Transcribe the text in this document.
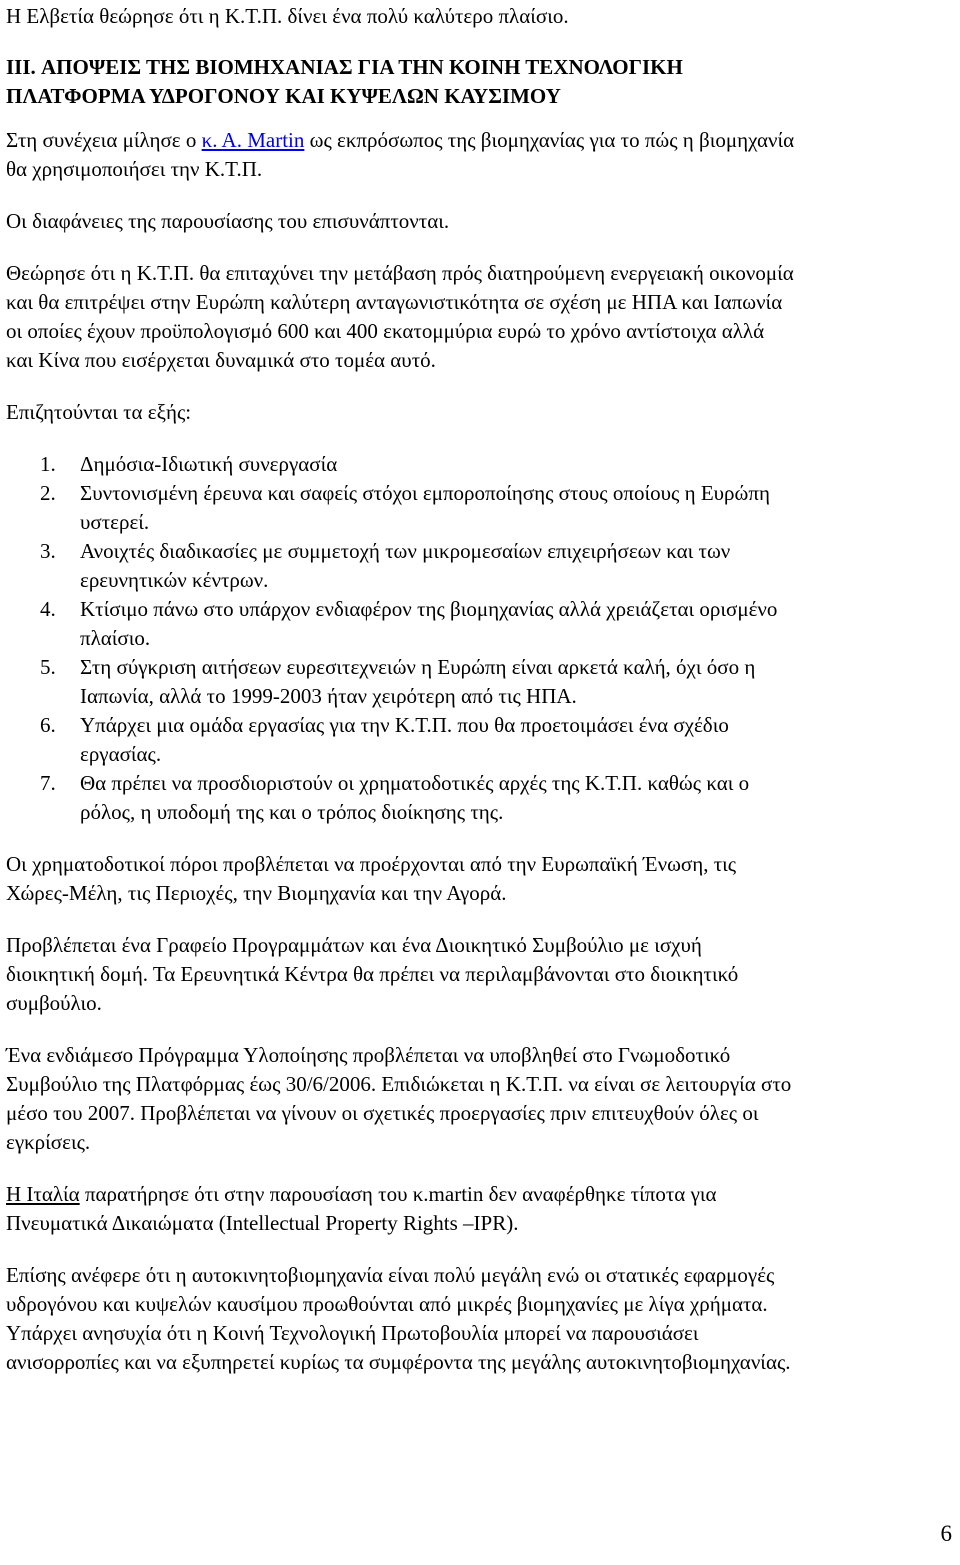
Η Ελβετία θεώρησε ότι η Κ.Τ.Π. δίνει ένα πολύ καλύτερο πλαίσιο.
III. ΑΠΟΨΕΙΣ ΤΗΣ ΒΙΟΜΗΧΑΝΙΑΣ ΓΙΑ ΤΗΝ ΚΟΙΝΗ ΤΕΧΝΟΛΟΓΙΚΗ
ΠΛΑΤΦΟΡΜΑ ΥΔΡΟΓΟΝΟΥ ΚΑΙ ΚΥΨΕΛΩΝ ΚΑΥΣΙΜΟΥ
Στη συνέχεια μίλησε ο κ. Α. Martin ως εκπρόσωπος της βιομηχανίας για το πώς η βιομηχανία
θα χρησιμοποιήσει την Κ.Τ.Π.
Οι διαφάνειες της παρουσίασης του επισυνάπτονται.
Θεώρησε ότι η Κ.Τ.Π. θα επιταχύνει την μετάβαση πρός διατηρούμενη ενεργειακή οικονομία
και θα επιτρέψει στην Ευρώπη καλύτερη ανταγωνιστικότητα σε σχέση με ΗΠΑ και Ιαπωνία
οι οποίες έχουν προϋπολογισμό 600 και 400 εκατομμύρια ευρώ το χρόνο αντίστοιχα αλλά
και Κίνα που εισέρχεται δυναμικά στο τομέα αυτό.
Επιζητούνται τα εξής:
1. Δημόσια-Ιδιωτική συνεργασία
2. Συντονισμένη έρευνα και σαφείς στόχοι εμπορoποίησης στους οποίους η Ευρώπη
υστερεί.
3. Ανοιχτές διαδικασίες με συμμετοχή των μικρομεσαίων επιχειρήσεων και των
ερευνητικών κέντρων.
4. Κτίσιμο πάνω στο υπάρχον ενδιαφέρον της βιομηχανίας αλλά χρειάζεται ορισμένο
πλαίσιο.
5. Στη σύγκριση αιτήσεων ευρεσιτεχνειών η Ευρώπη είναι αρκετά καλή, όχι όσο η
Ιαπωνία, αλλά το 1999-2003 ήταν χειρότερη από τις ΗΠΑ.
6. Υπάρχει μια ομάδα εργασίας για την Κ.Τ.Π. που θα προετοιμάσει ένα σχέδιο
εργασίας.
7. Θα πρέπει να προσδιοριστούν οι χρηματοδοτικές αρχές της Κ.Τ.Π. καθώς και ο
ρόλος, η υποδομή της και ο τρόπος διοίκησης της.
Οι χρηματοδοτικοί πόροι προβλέπεται να προέρχονται από την Ευρωπαϊκή Ένωση, τις
Χώρες-Μέλη, τις Περιοχές, την Βιομηχανία και την Αγορά.
Προβλέπεται ένα Γραφείο Προγραμμάτων και ένα Διοικητικό Συμβούλιο με ισχυή
διοικητική δομή. Τα Ερευνητικά Κέντρα θα πρέπει να περιλαμβάνονται στο διοικητικό
συμβούλιο.
Ένα ενδιάμεσο Πρόγραμμα Υλοποίησης προβλέπεται να υποβληθεί στο Γνωμοδοτικό
Συμβούλιο της Πλατφόρμας έως 30/6/2006. Επιδιώκεται η Κ.Τ.Π. να είναι σε λειτουργία στο
μέσο του 2007. Προβλέπεται να γίνουν οι σχετικές προεργασίες πριν επιτευχθούν όλες οι
εγκρίσεις.
Η Ιταλία παρατήρησε ότι στην παρουσίαση του κ.martin δεν αναφέρθηκε τίποτα για
Πνευματικά Δικαιώματα (Intellectual Property Rights –IPR).
Επίσης ανέφερε ότι η αυτοκινητοβιομηχανία είναι πολύ μεγάλη ενώ οι στατικές εφαρμογές
υδρογόνου και κυψελών καυσίμου προωθούνται από μικρές βιομηχανίες με λίγα χρήματα.
Υπάρχει ανησυχία ότι η Κοινή Τεχνολογική Πρωτοβουλία μπορεί να παρουσιάσει
ανισορροπίες και να εξυπηρετεί κυρίως τα συμφέροντα της μεγάλης αυτοκινητοβιομηχανίας.
6
